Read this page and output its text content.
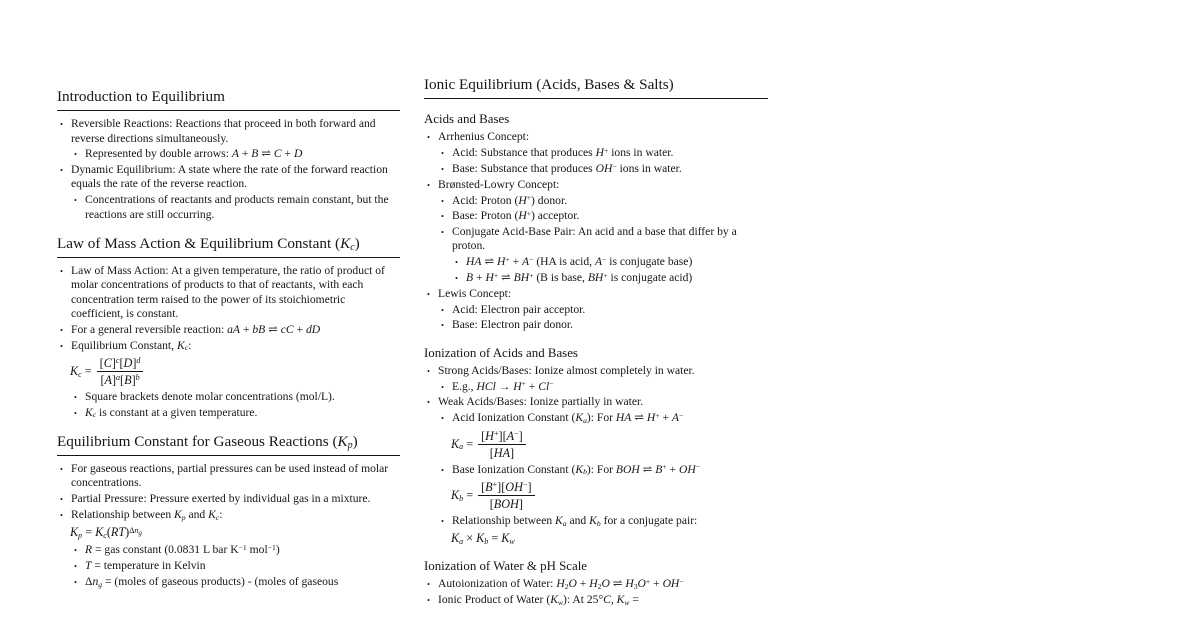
Introduction to Equilibrium
• Reversible Reactions: Reactions that proceed in both forward and reverse directions simultaneously.
• Represented by double arrows: A + B ⇌ C + D
• Dynamic Equilibrium: A state where the rate of the forward reaction equals the rate of the reverse reaction.
• Concentrations of reactants and products remain constant, but the reactions are still occurring.
Law of Mass Action & Equilibrium Constant $(K_c)$
• Law of Mass Action: At a given temperature, the ratio of product of molar concentrations of products to that of reactants, with each concentration term raised to the power of its stoichiometric coefficient, is constant.
• For a general reversible reaction: aA + bB ⇌ cC + dD
• Equilibrium Constant, $K_c$:
$K_c = \frac{[C]^c[D]^d}{[A]^a[B]^b}$
• Square brackets denote molar concentrations (mol/L).
• $K_c$ is constant at a given temperature.
Equilibrium Constant for Gaseous Reactions $(K_p)$
• For gaseous reactions, partial pressures can be used instead of molar concentrations.
• Partial Pressure: Pressure exerted by individual gas in a mixture.
• Relationship between $K_p$ and $K_c$:
$K_p = K_c(RT)^{\Delta n_g}$
• R = gas constant (0.0831 L bar $K^{-1}$ mol$^{-1}$)
• T = temperature in Kelvin
• $\Delta n_g$ = (moles of gaseous products) - (moles of gaseous
Ionic Equilibrium (Acids, Bases & Salts)
Acids and Bases
• Arrhenius Concept:
• Acid: Substance that produces H+ ions in water.
• Base: Substance that produces OH− ions in water.
• Brønsted-Lowry Concept:
• Acid: Proton (H+) donor.
• Base: Proton (H+) acceptor.
• Conjugate Acid-Base Pair: An acid and a base that differ by a proton.
• HA ⇌ H+ + A− (HA is acid, A− is conjugate base)
• B + H+ ⇌ BH+ (B is base, BH+ is conjugate acid)
• Lewis Concept:
• Acid: Electron pair acceptor.
• Base: Electron pair donor.
Ionization of Acids and Bases
• Strong Acids/Bases: Ionize almost completely in water.
• E.g., HCl → H+ + Cl−
• Weak Acids/Bases: Ionize partially in water.
• Acid Ionization Constant $(K_a)$: For HA ⇌ H+ + A−
$K_a = \frac{[H^+][A^-]}{[HA]}$
• Base Ionization Constant $(K_b)$: For BOH ⇌ B+ + OH−
$K_b = \frac{[B^+][OH^-]}{\text{[BOH]}}$
• Relationship between $K_a$ and $K_b$ for a conjugate pair:
$K_a \times K_b = K_w$
Ionization of Water & pH Scale
• Autoionization of Water: $H_2O + H_2O$ ⇌ $H_3O^+ + OH^-$
• Ionic Product of Water $(K_w)$: At 25°C, $K_w$ =
